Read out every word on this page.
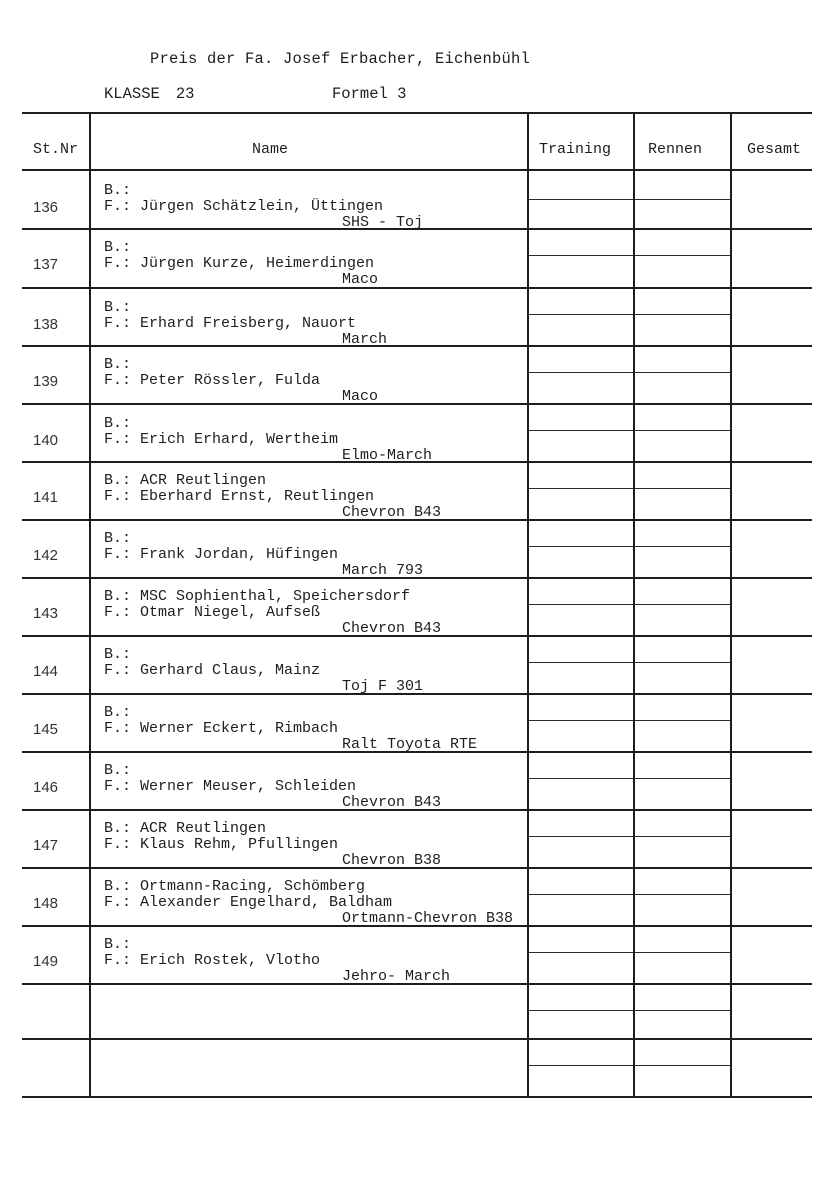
Preis der Fa. Josef Erbacher, Eichenbühl
KLASSE 23	Formel 3
St.Nr	Name	Training Rennen	Gesamt
136
B.:
F.: Jürgen Schätzlein, Üttingen
SHS - Toj
137
B.:
F.: Jürgen Kurze, Heimerdingen
Maco
138
B.:
F.: Erhard Freisberg, Nauort
March
139
B.:
F.: Peter Rössler, Fulda
Maco
140
B.:
F.: Erich Erhard, Wertheim
Elmo-March
141
B.: ACR Reutlingen
F.: Eberhard Ernst, Reutlingen
Chevron B43
142
B.:
F.: Frank Jordan, Hüfingen
March 793
143
B.: MSC Sophienthal, Speichersdorf
F.: Otmar Niegel, Aufseß
Chevron B43
144
B.:
F.: Gerhard Claus, Mainz
Toj F 301
145
B.:
F.: Werner Eckert, Rimbach
Ralt Toyota RTE
146
B.:
F.: Werner Meuser, Schleiden
Chevron B43
147
B.: ACR Reutlingen
F.: Klaus Rehm, Pfullingen
Chevron B38
148
B.: Ortmann-Racing, Schömberg
F.: Alexander Engelhard, Baldham
Ortmann-Chevron B38
149
B.:
F.: Erich Rostek, Vlotho
Jehro- March
